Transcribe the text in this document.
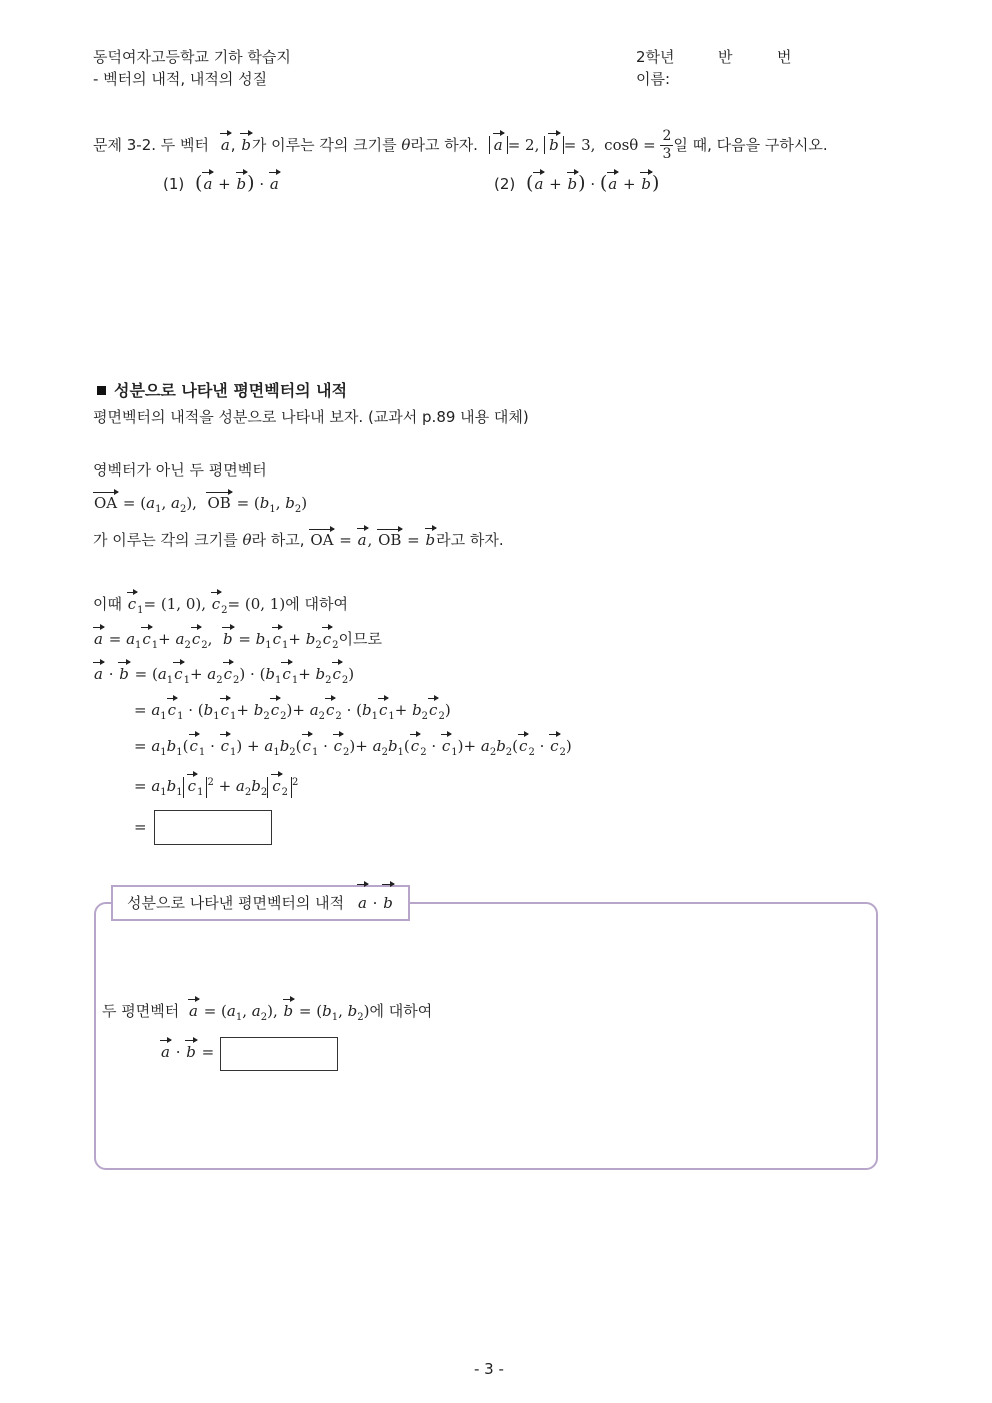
동덕여자고등학교 기하 학습지
- 벡터의 내적, 내적의 성질
2학년	반	번
이름:
문제 3-2. 두 벡터 a, b가 이루는 각의 크기를 θ라고 하자. a = 2, b = 3, $\cos\theta = \frac{2}{3}$ 일 때, 다음을 구하시오.
(1) (a + b) · a	(2) (a + b) · (a + b)
성분으로 나타낸 평면벡터의 내적
평면벡터의 내적을 성분으로 나타내 보자. (교과서 p.89 내용 대체)
영벡터가 아닌 두 평면벡터
OA = ($a_1$, $a_2$),  OB = ($b_1$, $b_2$)
가 이루는 각의 크기를 θ라 하고, OA = a, OB = b라고 하자.
이때 $c_1= (1$, 0), $c_2= (0$, 1)에 대하여
$a = a_1c_1+ a_2c_2$,  $b = b_1c_1+ b_2c_2$이므로
$a \cdot b = (a_1c_1+ a_2c_2) \cdot (b_1c_1+ b_2c_2)$
= $a_1c_1 \cdot (b_1c_1+ b_2c_2)+ a_2c_2 \cdot (b_1c_1+ b_2c_2)$
= $a_1b_1(c_1 \cdot c_1) + a_1b_2(c_1 \cdot c_2)+ a_2b_1(c_2 \cdot c_1)+ a_2b_2(c_2 \cdot c_2)$
= $a_1b_1$ $c_1^2 + a_2b_2$ $c_2^2$
=
성분으로 나타낸 평면벡터의 내적 a · b
두 평면벡터 $a = (a_1$, $a_2$), $b = (b_1$, $b_2$)에 대하여
a · b =
- 3 -
